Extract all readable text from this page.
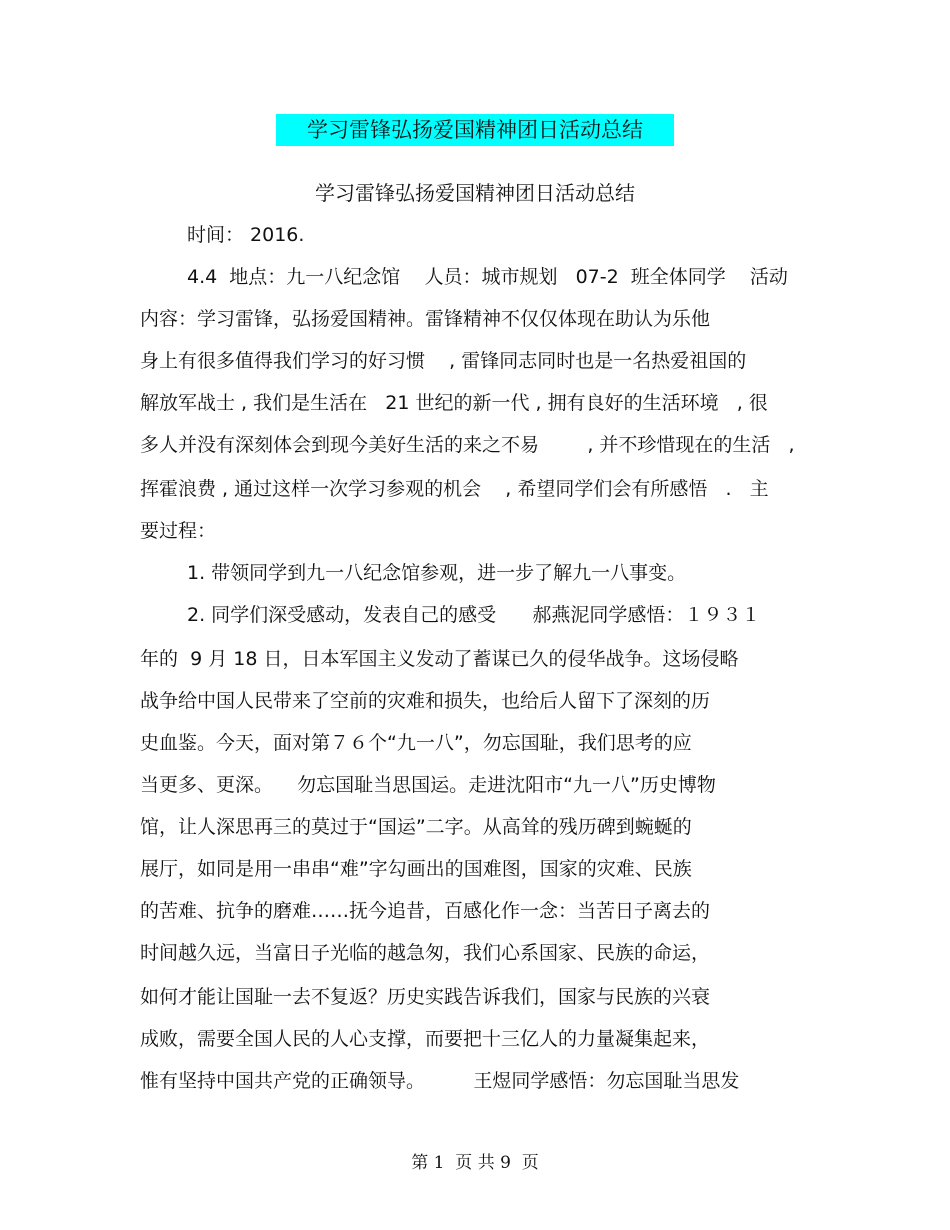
学习雷锋弘扬爱国精神团日活动总结
学习雷锋弘扬爱国精神团日活动总结
时间： 2016.
4.4  地点：九一八纪念馆    人员：城市规划   07-2  班全体同学    活动
内容：学习雷锋，弘扬爱国精神。雷锋精神不仅仅体现在助认为乐他
身上有很多值得我们学习的好习惯    , 雷锋同志同时也是一名热爱祖国的
解放军战士 , 我们是生活在   21 世纪的新一代 , 拥有良好的生活环境   , 很
多人并没有深刻体会到现今美好生活的来之不易        , 并不珍惜现在的生活   ,
挥霍浪费 , 通过这样一次学习参观的机会    , 希望同学们会有所感悟   .   主
要过程：
1. 带领同学到九一八纪念馆参观，进一步了解九一八事变。
2. 同学们深受感动，发表自己的感受      郝燕泥同学感悟：１９３１
年的  9 月 18 日，日本军国主义发动了蓄谋已久的侵华战争。这场侵略
战争给中国人民带来了空前的灾难和损失，也给后人留下了深刻的历
史血鉴。今天，面对第７６个“九一八”，勿忘国耻，我们思考的应
当更多、更深。    勿忘国耻当思国运。走进沈阳市“九一八”历史博物
馆，让人深思再三的莫过于“国运”二字。从高耸的残历碑到蜿蜒的
展厅，如同是用一串串“难”字勾画出的国难图，国家的灾难、民族
的苦难、抗争的磨难……抚今追昔，百感化作一念：当苦日子离去的
时间越久远，当富日子光临的越急匆，我们心系国家、民族的命运，
如何才能让国耻一去不复返？历史实践告诉我们，国家与民族的兴衰
成败，需要全国人民的人心支撑，而要把十三亿人的力量凝集起来，
惟有坚持中国共产党的正确领导。        王煜同学感悟：勿忘国耻当思发
第 1  页 共 9  页
